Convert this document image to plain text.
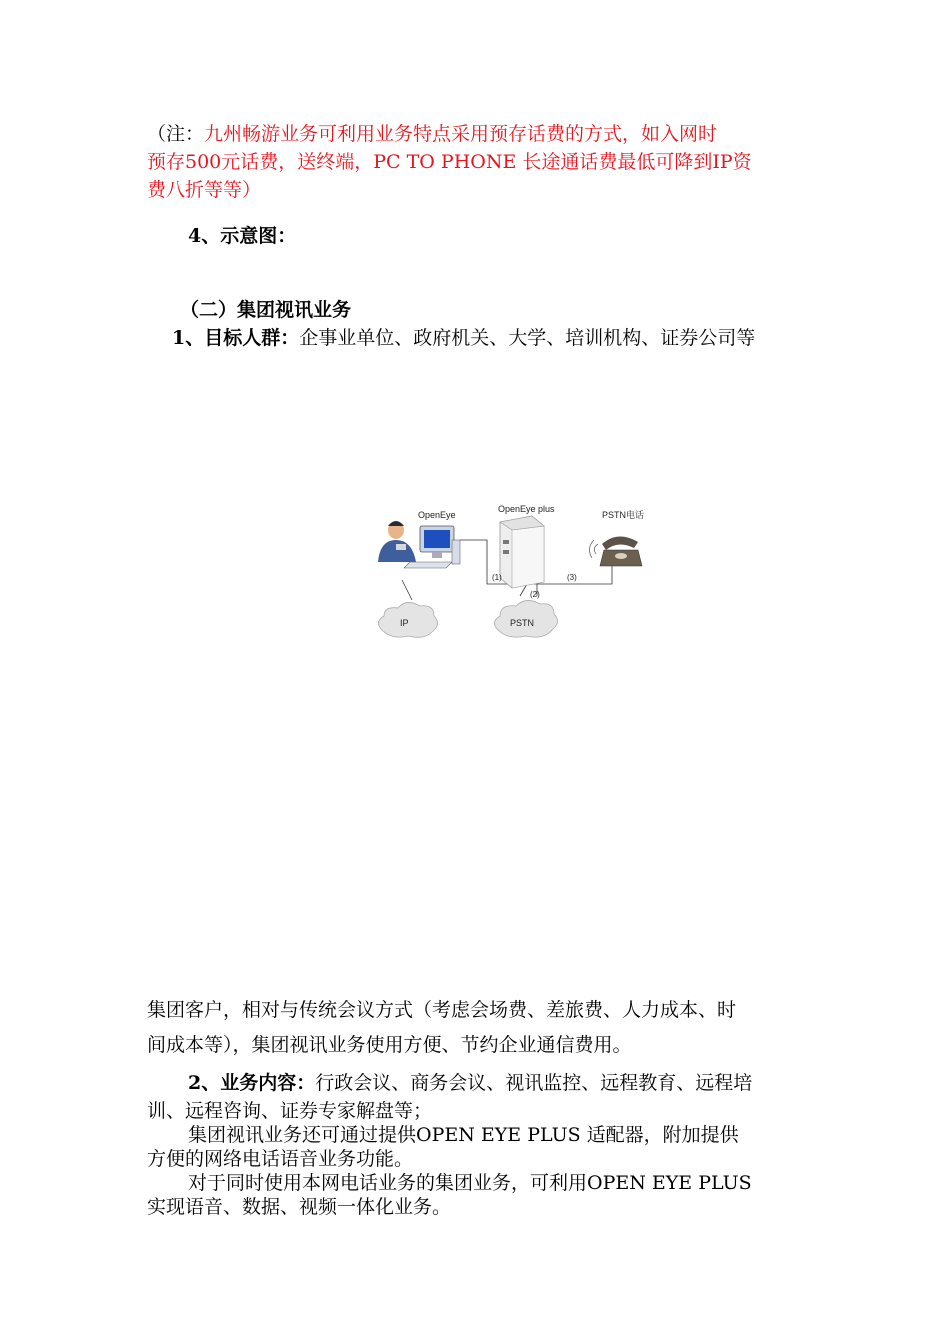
（注：九州畅游业务可利用业务特点采用预存话费的方式，如入网时
预存500元话费，送终端，PC TO PHONE 长途通话费最低可降到IP资
费八折等等）
4、示意图：
（二）集团视讯业务
1、目标人群：企事业单位、政府机关、大学、培训机构、证券公司等
OpenEye
OpenEye plus
PSTN电话
IP	PSTN
(1)
(2)
(3)
集团客户，相对与传统会议方式（考虑会场费、差旅费、人力成本、时
间成本等），集团视讯业务使用方便、节约企业通信费用。
2、业务内容：行政会议、商务会议、视讯监控、远程教育、远程培
训、远程咨询、证券专家解盘等；
集团视讯业务还可通过提供OPEN EYE PLUS 适配器，附加提供
方便的网络电话语音业务功能。
对于同时使用本网电话业务的集团业务，可利用OPEN EYE PLUS
实现语音、数据、视频一体化业务。
